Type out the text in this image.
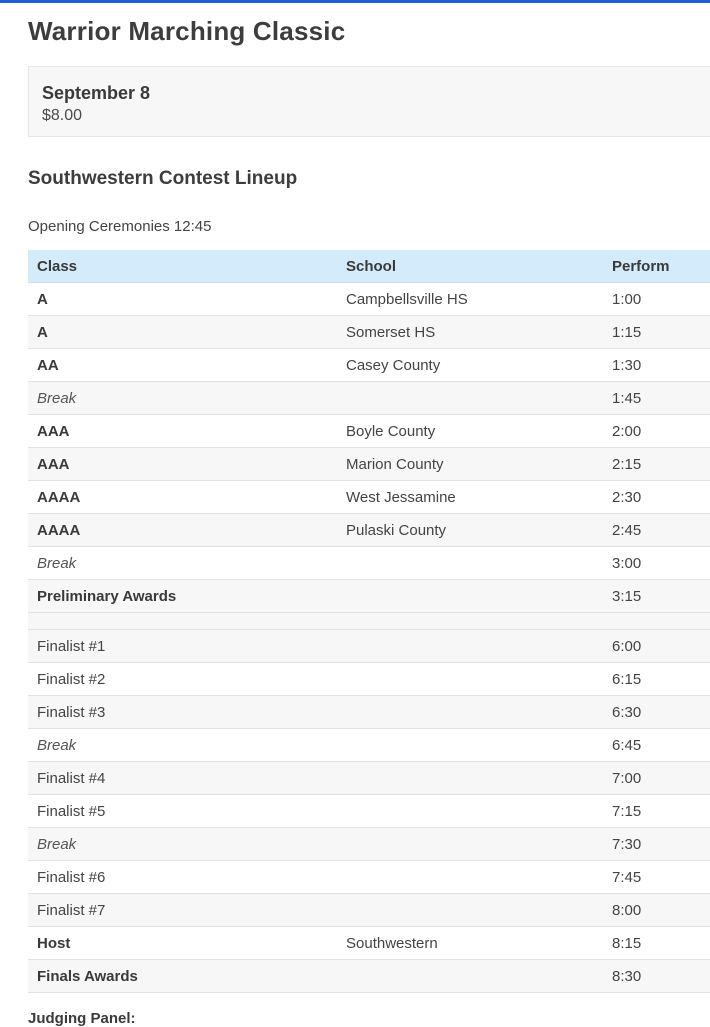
Warrior Marching Classic
September 8
$8.00
Southwestern Contest Lineup
Opening Ceremonies 12:45
Class	School	Perform
A	Campbellsville HS	1:00
A	Somerset HS	1:15
AA	Casey County	1:30
Break		1:45
AAA	Boyle County	2:00
AAA	Marion County	2:15
AAAA	West Jessamine	2:30
AAAA	Pulaski County	2:45
Break		3:00
Preliminary Awards		3:15

Finalist #1		6:00
Finalist #2		6:15
Finalist #3		6:30
Break		6:45
Finalist #4		7:00
Finalist #5		7:15
Break		7:30
Finalist #6		7:45
Finalist #7		8:00
Host	Southwestern	8:15
Finals Awards		8:30
Judging Panel:
